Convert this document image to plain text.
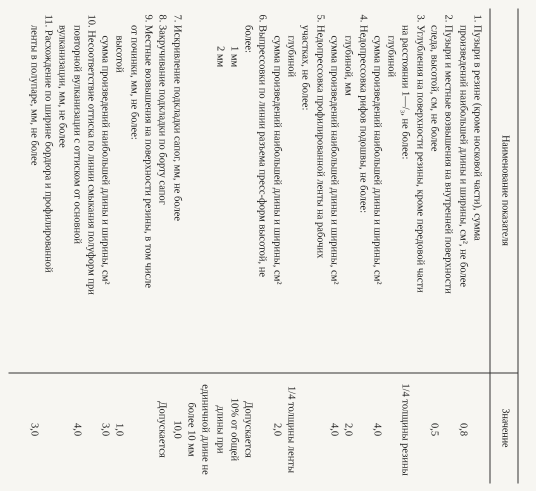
Наименование показателя
Значение
1. Пузыри в резине (кроме носковой части), сумма
произведений наибольшей длины и ширины, см², не более
0,8
2. Пузыри и местные возвышения на внутренней поверхности
следа, высотой, см, не более
0,5
3. Углубления на поверхности резины, кроме передовой части
на расстоянии 1—/₃, не более:
1/4 толщины резины
глубиной
сумма произведений наибольшей длины и ширины, см²
4,0
4. Недопрессовка рифов подошвы, не более:
глубиной, мм
2,0
сумма произведений наибольшей длины и ширины, см²
4,0
5. Недопрессовка профилированной ленты на рабочих
участках, не более:
глубиной
1/4 толщины ленты
сумма произведений наибольшей длины и ширины, см²
2,0
6. Выпрессовки по линии разъема пресс-форм высотой, не
более:
Допускается
1 мм
10% от общей
2 мм
длины при
единичной длине не
более 10 мм
7. Искривление подкладки сапог, мм, не более
10,0
8. Закручивание подкладки по борту сапог
Допускается
9. Местные возвышения на поверхности резины, в том числе
от починки, мм, не более:
высотой
1,0
сумма произведений наибольшей длины и ширины, см²
3,0
10. Несоответствие оттиска по линии смыкания полуформ при
повторной вулканизации с оттиском от основной
4,0
вулканизации, мм, не более
11. Расхождение по ширине бордюра и профилированной
ленты в полупаре, мм, не более
3,0
